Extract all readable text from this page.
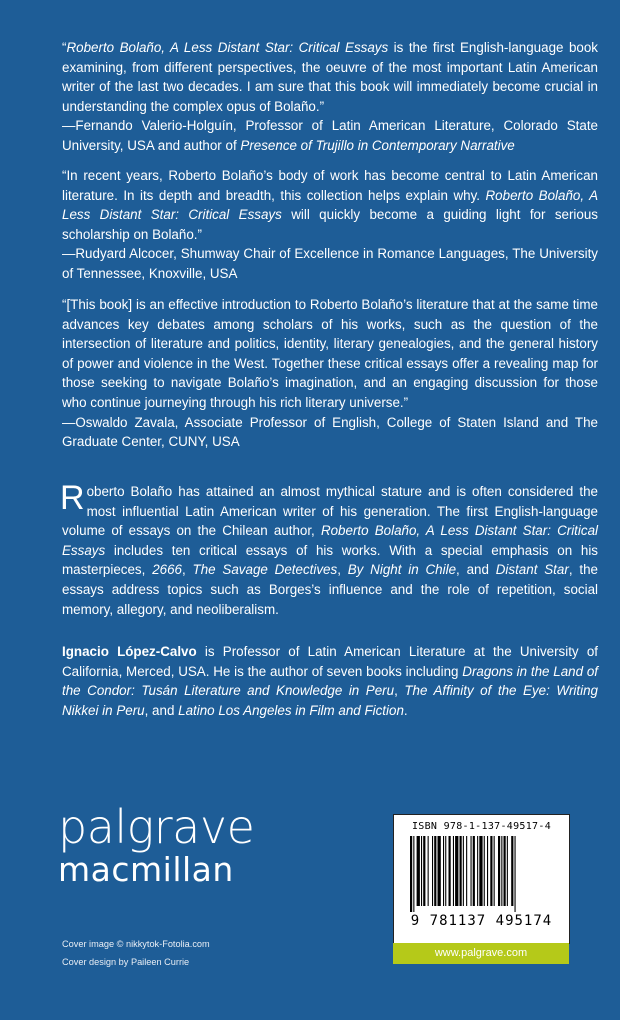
“Roberto Bolaño, A Less Distant Star: Critical Essays is the first English-language book examining, from different perspectives, the oeuvre of the most important Latin American writer of the last two decades. I am sure that this book will immediately become crucial in understanding the complex opus of Bolaño.”

—Fernando Valerio-Holguín, Professor of Latin American Literature, Colorado State University, USA and author of Presence of Trujillo in Contemporary Narrative

“In recent years, Roberto Bolaño’s body of work has become central to Latin American literature. In its depth and breadth, this collection helps explain why. Roberto Bolaño, A Less Distant Star: Critical Essays will quickly become a guiding light for serious scholarship on Bolaño.”

—Rudyard Alcocer, Shumway Chair of Excellence in Romance Languages, The University of Tennessee, Knoxville, USA

“[This book] is an effective introduction to Roberto Bolaño’s literature that at the same time advances key debates among scholars of his works, such as the question of the intersection of literature and politics, identity, literary genealogies, and the general history of power and violence in the West. Together these critical essays offer a revealing map for those seeking to navigate Bolaño’s imagination, and an engaging discussion for those who continue journeying through his rich literary universe.”

—Oswaldo Zavala, Associate Professor of English, College of Staten Island and The Graduate Center, CUNY, USA

Roberto Bolaño has attained an almost mythical stature and is often considered the most influential Latin American writer of his generation. The first English-language volume of essays on the Chilean author, Roberto Bolaño, A Less Distant Star: Critical Essays includes ten critical essays of his works. With a special emphasis on his masterpieces, 2666, The Savage Detectives, By Night in Chile, and Distant Star, the essays address topics such as Borges’s influence and the role of repetition, social memory, allegory, and neoliberalism.

Ignacio López-Calvo is Professor of Latin American Literature at the University of California, Merced, USA. He is the author of seven books including Dragons in the Land of the Condor: Tusán Literature and Knowledge in Peru, The Affinity of the Eye: Writing Nikkei in Peru, and Latino Los Angeles in Film and Fiction.

palgrave
macmillan
Cover image © nikkytok-Fotolia.com
Cover design by Paileen Currie
ISBN 978-1-137-49517-4
9 781137 495174
www.palgrave.com
